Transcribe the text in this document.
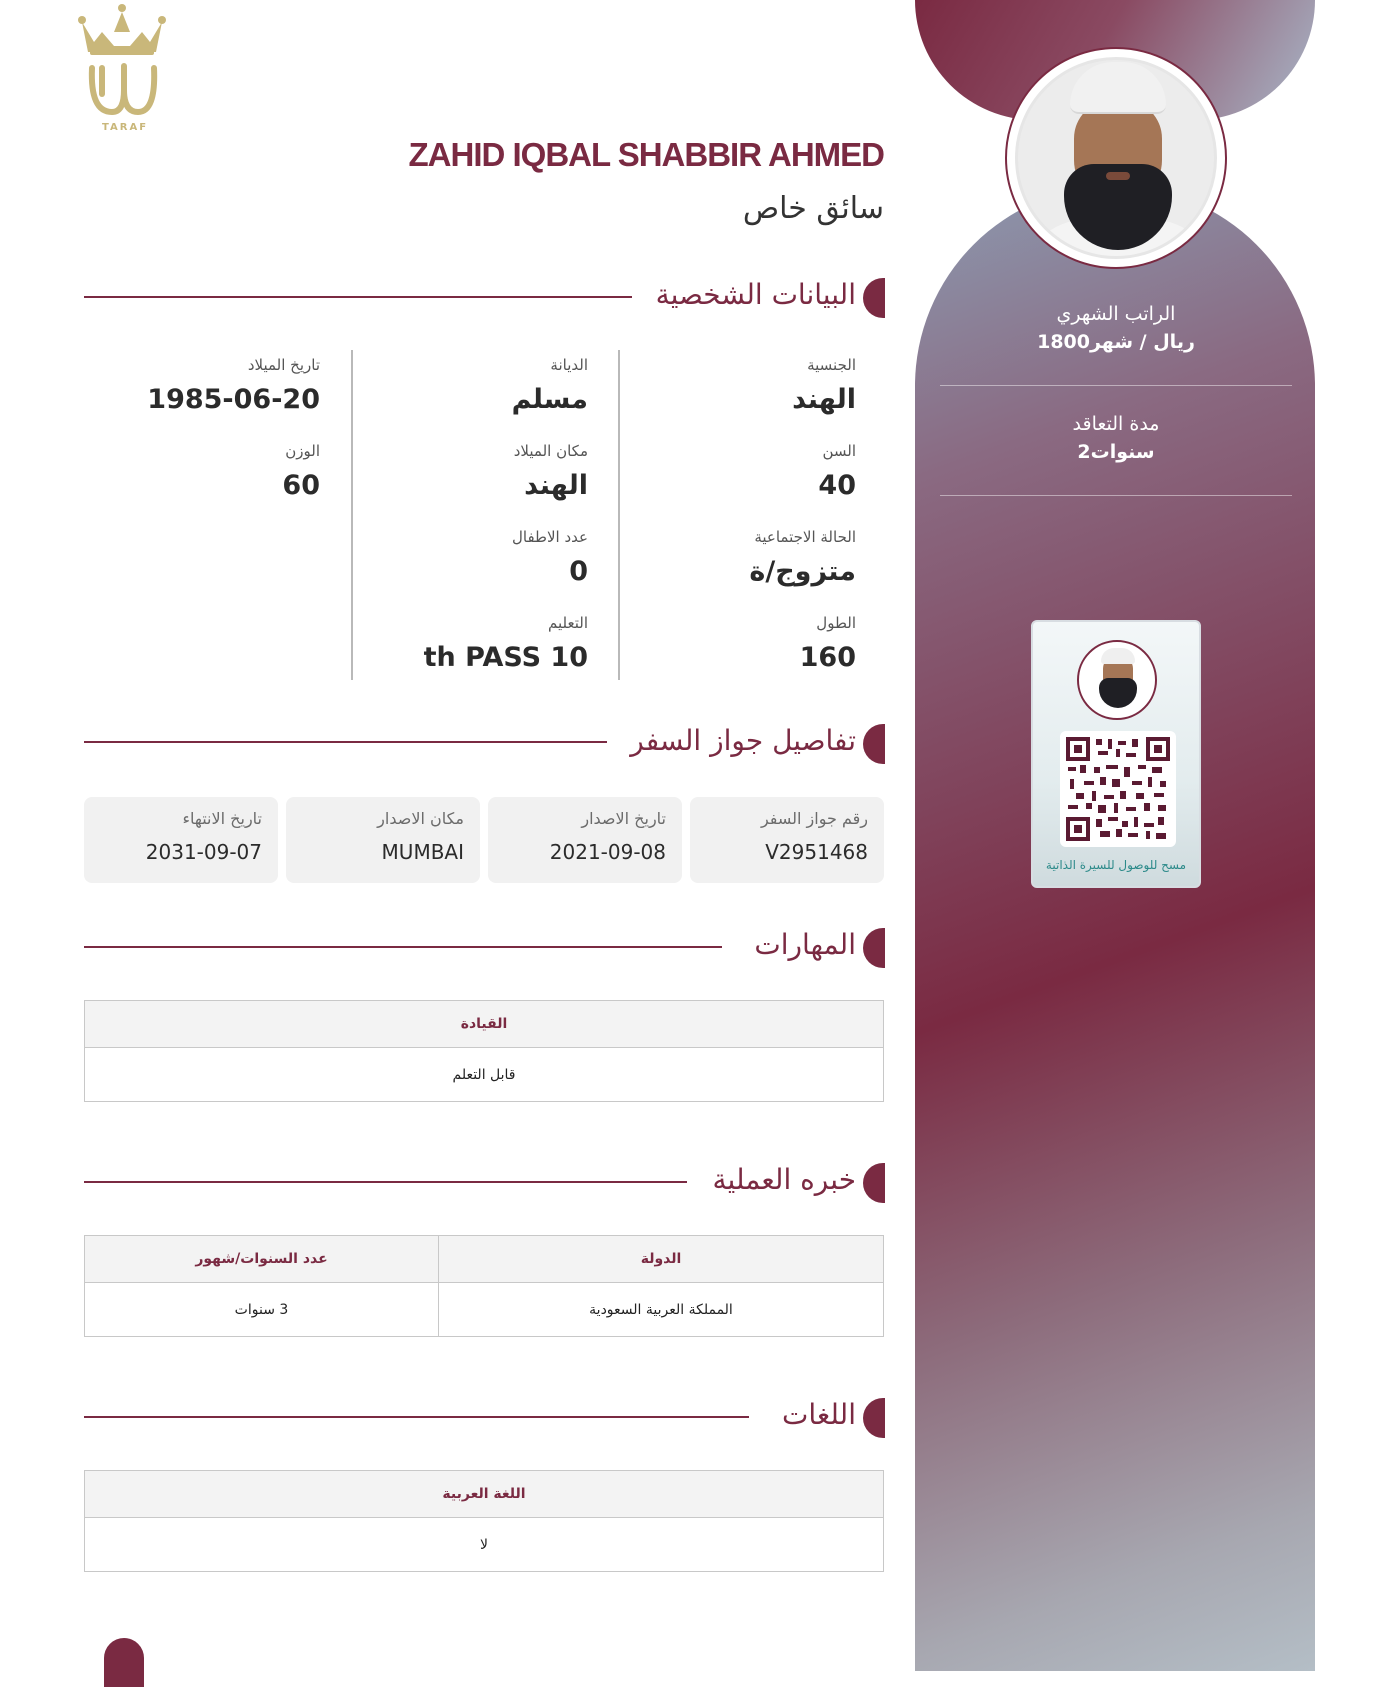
الراتب الشهري
1800ريال / شهر
مدة التعاقد
2سنوات
مسح للوصول للسيرة الذاتية
TARAF
ZAHID IQBAL SHABBIR AHMED
سائق خاص
البيانات الشخصية
الجنسية
الهند
السن
40
الحالة الاجتماعية
متزوج/ة
الطول
160
الديانة
مسلم
مكان الميلاد
الهند
عدد الاطفال
0
التعليم
th PASS 10
تاريخ الميلاد
1985-06-20
الوزن
60
تفاصيل جواز السفر
رقم جواز السفر
V2951468
تاريخ الاصدار
2021-09-08
مكان الاصدار
MUMBAI
تاريخ الانتهاء
2031-09-07
المهارات
القيادة
قابل التعلم
خبره العملية
الدولة	عدد السنوات/شهور
المملكة العربية السعودية	3 سنوات
اللغات
اللغة العربية
لا
